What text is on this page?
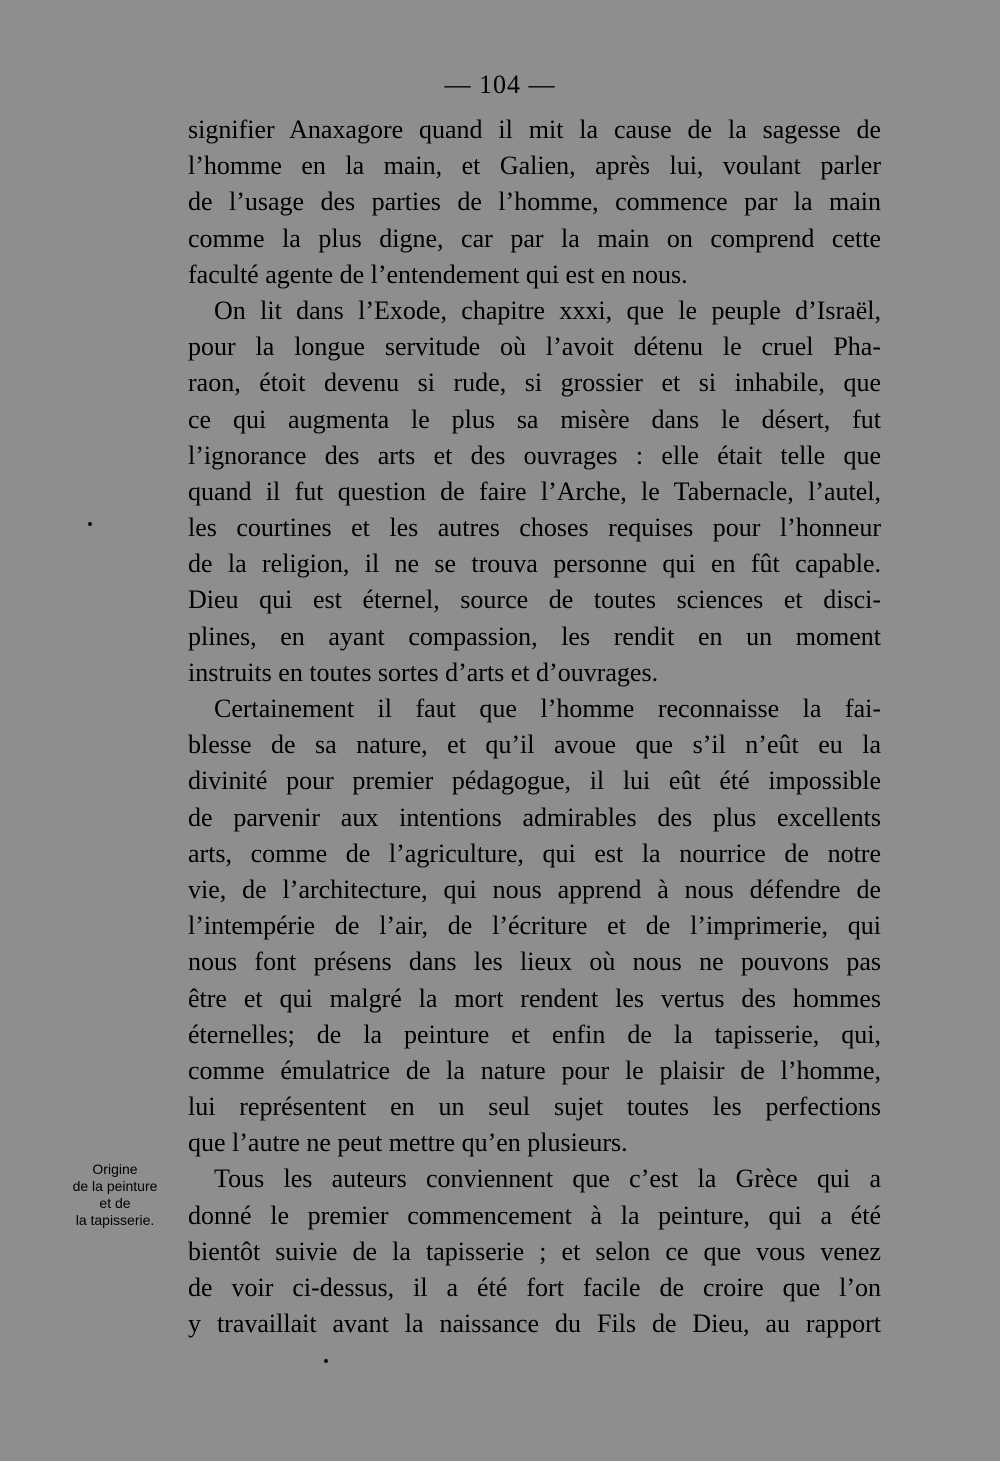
— 104 —
signifier Anaxagore quand il mit la cause de la sagesse de
l’homme en la main, et Galien, après lui, voulant parler
de l’usage des parties de l’homme, commence par la main
comme la plus digne, car par la main on comprend cette
faculté agente de l’entendement qui est en nous.
On lit dans l’Exode, chapitre xxxi, que le peuple d’Israël,
pour la longue servitude où l’avoit détenu le cruel Pha-
raon, étoit devenu si rude, si grossier et si inhabile, que
ce qui augmenta le plus sa misère dans le désert, fut
l’ignorance des arts et des ouvrages : elle était telle que
quand il fut question de faire l’Arche, le Tabernacle, l’autel,
les courtines et les autres choses requises pour l’honneur
de la religion, il ne se trouva personne qui en fût capable.
Dieu qui est éternel, source de toutes sciences et disci-
plines, en ayant compassion, les rendit en un moment
instruits en toutes sortes d’arts et d’ouvrages.
Certainement il faut que l’homme reconnaisse la fai-
blesse de sa nature, et qu’il avoue que s’il n’eût eu la
divinité pour premier pédagogue, il lui eût été impossible
de parvenir aux intentions admirables des plus excellents
arts, comme de l’agriculture, qui est la nourrice de notre
vie, de l’architecture, qui nous apprend à nous défendre de
l’intempérie de l’air, de l’écriture et de l’imprimerie, qui
nous font présens dans les lieux où nous ne pouvons pas
être et qui malgré la mort rendent les vertus des hommes
éternelles; de la peinture et enfin de la tapisserie, qui,
comme émulatrice de la nature pour le plaisir de l’homme,
lui représentent en un seul sujet toutes les perfections
que l’autre ne peut mettre qu’en plusieurs.
Tous les auteurs conviennent que c’est la Grèce qui a
donné le premier commencement à la peinture, qui a été
bientôt suivie de la tapisserie ; et selon ce que vous venez
de voir ci-dessus, il a été fort facile de croire que l’on
y travaillait avant la naissance du Fils de Dieu, au rapport
Origine
de la peinture
et de
la tapisserie.
